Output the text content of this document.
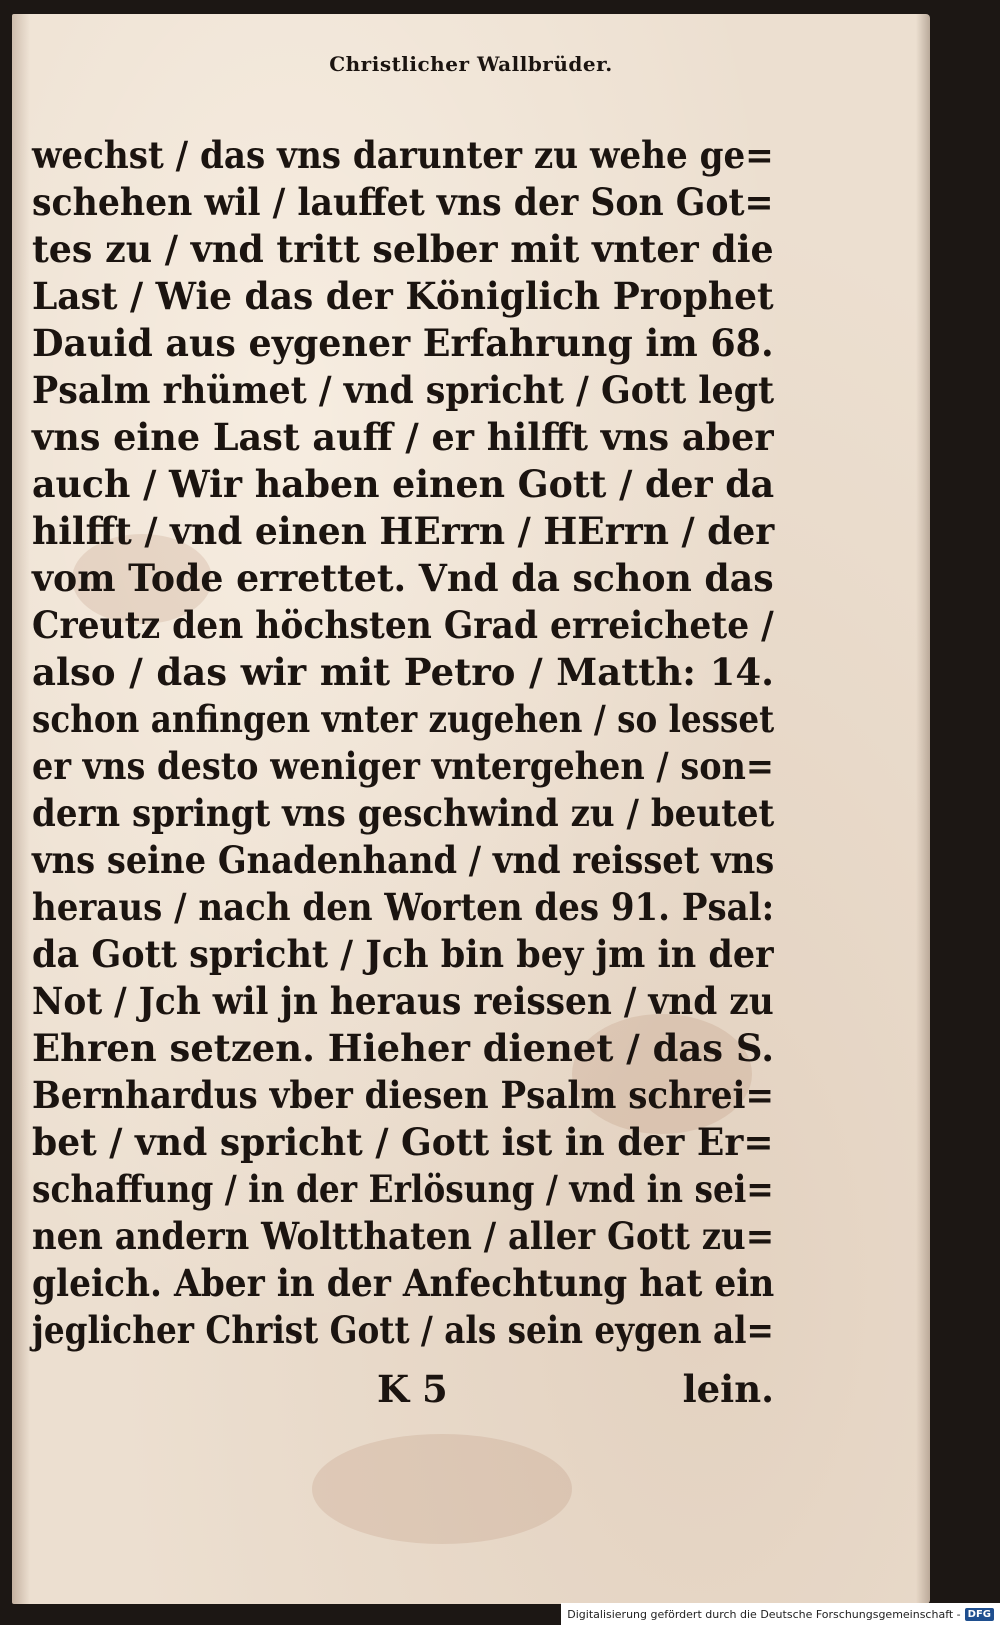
Christlicher Wallbrüder.
wechst / das vns darunter zu wehe ge=
schehen wil / lauffet vns der Son Got=
tes zu / vnd tritt selber mit vnter die
Last / Wie das der Königlich Prophet
Dauid aus eygener Erfahrung im 68.
Psalm rhümet / vnd spricht / Gott legt
vns eine Last auff / er hilfft vns aber
auch / Wir haben einen Gott / der da
hilfft / vnd einen HErrn / HErrn / der
vom Tode errettet. Vnd da schon das
Creutz den höchsten Grad erreichete /
also / das wir mit Petro / Matth: 14.
schon anfingen vnter zugehen / so lesset
er vns desto weniger vntergehen / son=
dern springt vns geschwind zu / beutet
vns seine Gnadenhand / vnd reisset vns
heraus / nach den Worten des 91. Psal:
da Gott spricht / Jch bin bey jm in der
Not / Jch wil jn heraus reissen / vnd zu
Ehren setzen. Hieher dienet / das S.
Bernhardus vber diesen Psalm schrei=
bet / vnd spricht / Gott ist in der Er=
schaffung / in der Erlösung / vnd in sei=
nen andern Woltthaten / aller Gott zu=
gleich. Aber in der Anfechtung hat ein
jeglicher Christ Gott / als sein eygen al=
K 5	lein.
Digitalisierung gefördert durch die Deutsche Forschungsgemeinschaft - DFG
